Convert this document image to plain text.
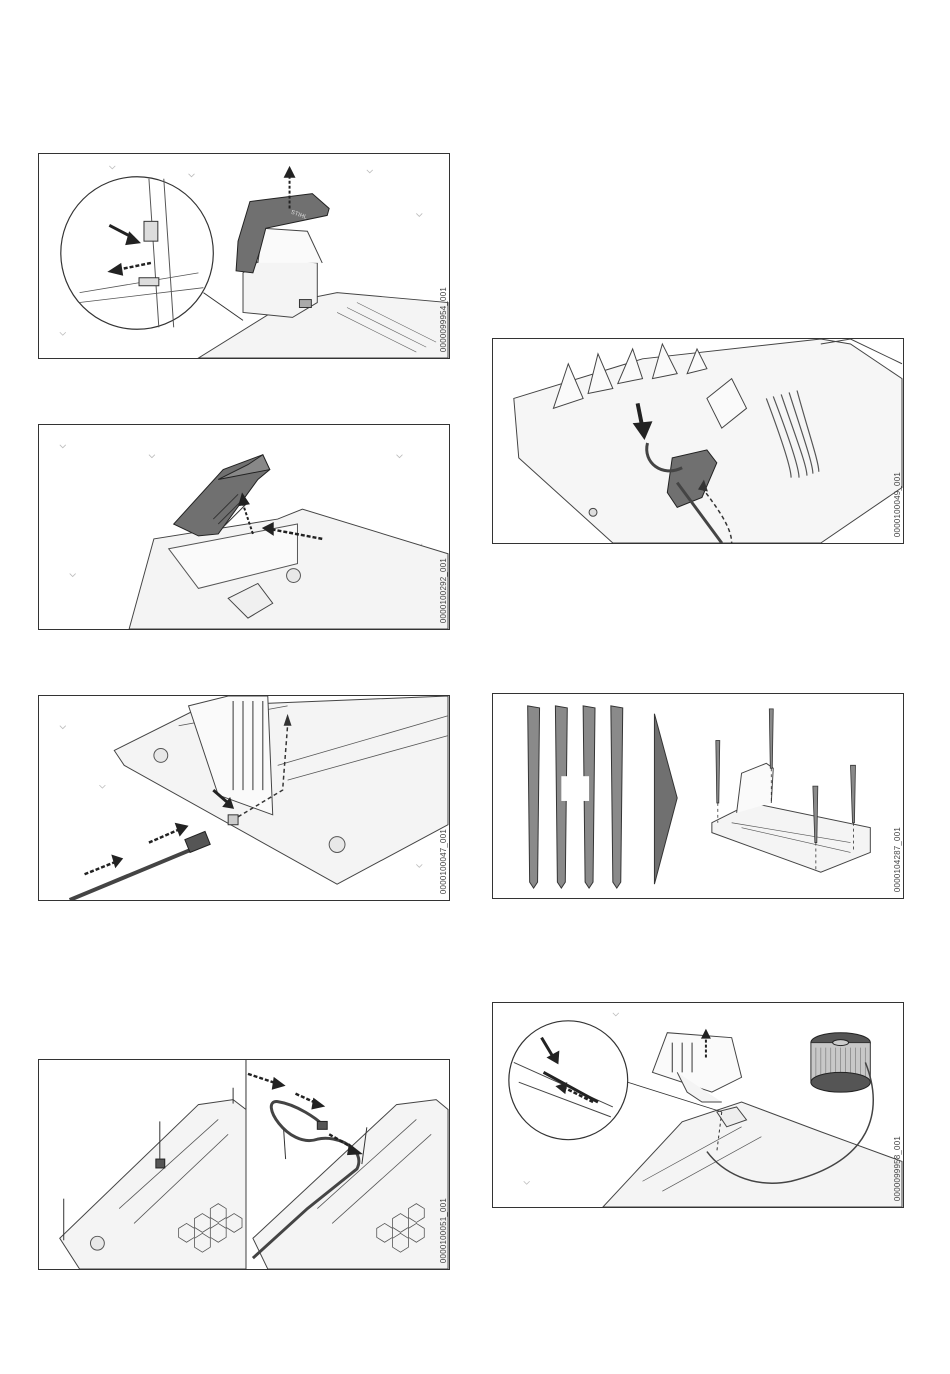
STIHL
0000099954_001
0000100292_001
0000100047_001
0000100051_001
0000100049_001
0000104287_001
0000099958_001
